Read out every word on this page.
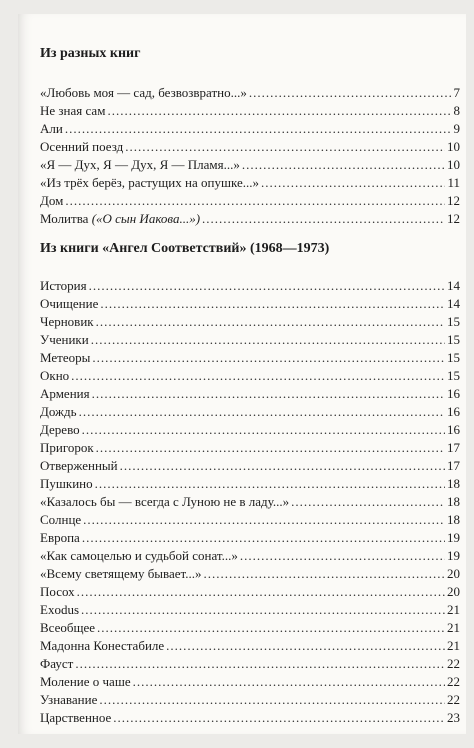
Из разных книг
«Любовь моя — сад, безвозвратно...» .....	7
Не зная сам .....	8
Али .....	9
Осенний поезд .....	10
«Я — Дух, Я — Дух, Я — Пламя...» .....	10
«Из трёх берёз, растущих на опушке...» .....	11
Дом .....	12
Молитва («О сын Иакова...») .....	12
Из книги «Ангел Соответствий» (1968—1973)
История .....	14
Очищение .....	14
Черновик .....	15
Ученики .....	15
Метеоры .....	15
Окно .....	15
Армения .....	16
Дождь .....	16
Дерево .....	16
Пригорок .....	17
Отверженный .....	17
Пушкино .....	18
«Казалось бы — всегда с Луною не в ладу...» .....	18
Солнце .....	18
Европа .....	19
«Как самоцелью и судьбой сонат...» .....	19
«Всему светящему бывает...» .....	20
Посох .....	20
Exodus .....	21
Всеобщее .....	21
Мадонна Конестабиле .....	21
Фауст .....	22
Моление о чаше .....	22
Узнавание .....	22
Царственное .....	23
